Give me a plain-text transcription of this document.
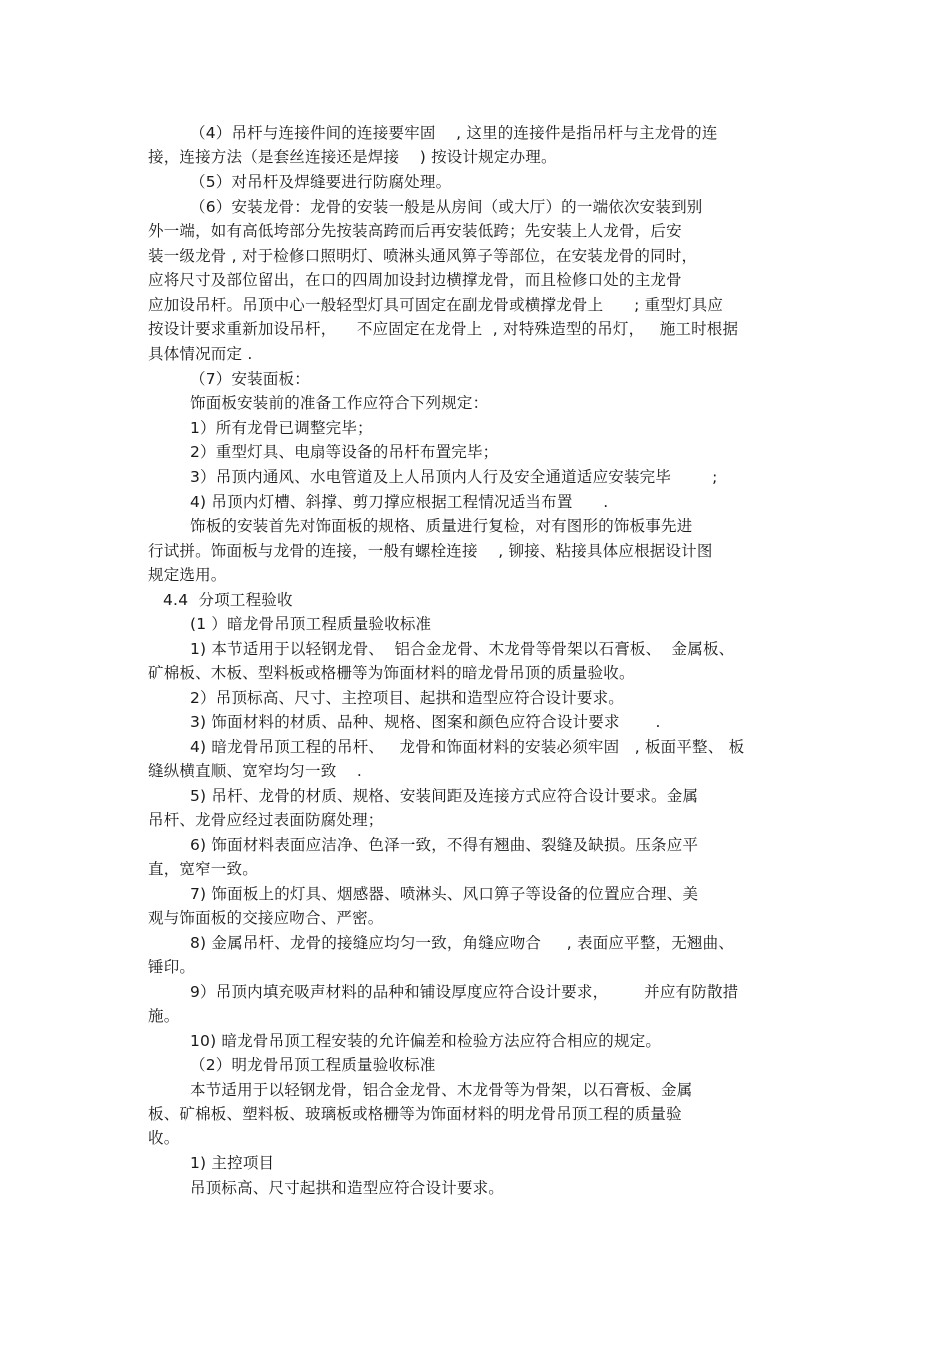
（4）吊杆与连接件间的连接要牢固    , 这里的连接件是指吊杆与主龙骨的连
接，连接方法（是套丝连接还是焊接    ) 按设计规定办理。
（5）对吊杆及焊缝要进行防腐处理。
（6）安装龙骨：龙骨的安装一般是从房间（或大厅）的一端依次安装到别
外一端，如有高低垮部分先按装高跨而后再安装低跨；先安装上人龙骨，后安
装一级龙骨 , 对于检修口照明灯、喷淋头通风箅子等部位，在安装龙骨的同时，
应将尺寸及部位留出，在口的四周加设封边横撑龙骨，而且检修口处的主龙骨
应加设吊杆。吊顶中心一般轻型灯具可固定在副龙骨或横撑龙骨上      ; 重型灯具应
按设计要求重新加设吊杆，    不应固定在龙骨上  , 对特殊造型的吊灯，   施工时根据
具体情况而定 .
（7）安装面板：
饰面板安装前的准备工作应符合下列规定：
1）所有龙骨已调整完毕；
2）重型灯具、电扇等设备的吊杆布置完毕；
3）吊顶内通风、水电管道及上人吊顶内人行及安全通道适应安装完毕        ;
4) 吊顶内灯槽、斜撑、剪刀撑应根据工程情况适当布置      .
饰板的安装首先对饰面板的规格、质量进行复检，对有图形的饰板事先进
行试拼。饰面板与龙骨的连接，一般有螺栓连接    , 铆接、粘接具体应根据设计图
规定选用。
4.4  分项工程验收
(1 ）暗龙骨吊顶工程质量验收标准
1) 本节适用于以轻钢龙骨、  铝合金龙骨、木龙骨等骨架以石膏板、  金属板、
矿棉板、木板、型料板或格栅等为饰面材料的暗龙骨吊顶的质量验收。
2）吊顶标高、尺寸、主控项目、起拱和造型应符合设计要求。
3) 饰面材料的材质、品种、规格、图案和颜色应符合设计要求       .
4) 暗龙骨吊顶工程的吊杆、   龙骨和饰面材料的安装必须牢固   , 板面平整、 板
缝纵横直顺、宽窄均匀一致    .
5) 吊杆、龙骨的材质、规格、安装间距及连接方式应符合设计要求。金属
吊杆、龙骨应经过表面防腐处理；
6) 饰面材料表面应洁净、色泽一致，不得有翘曲、裂缝及缺损。压条应平
直，宽窄一致。
7) 饰面板上的灯具、烟感器、喷淋头、风口箅子等设备的位置应合理、美
观与饰面板的交接应吻合、严密。
8) 金属吊杆、龙骨的接缝应均匀一致，角缝应吻合     , 表面应平整，无翘曲、
锤印。
9）吊顶内填充吸声材料的品种和铺设厚度应符合设计要求，       并应有防散措
施。
10) 暗龙骨吊顶工程安装的允许偏差和检验方法应符合相应的规定。
（2）明龙骨吊顶工程质量验收标准
本节适用于以轻钢龙骨，铝合金龙骨、木龙骨等为骨架，以石膏板、金属
板、矿棉板、塑料板、玻璃板或格栅等为饰面材料的明龙骨吊顶工程的质量验
收。
1) 主控项目
吊顶标高、尺寸起拱和造型应符合设计要求。
